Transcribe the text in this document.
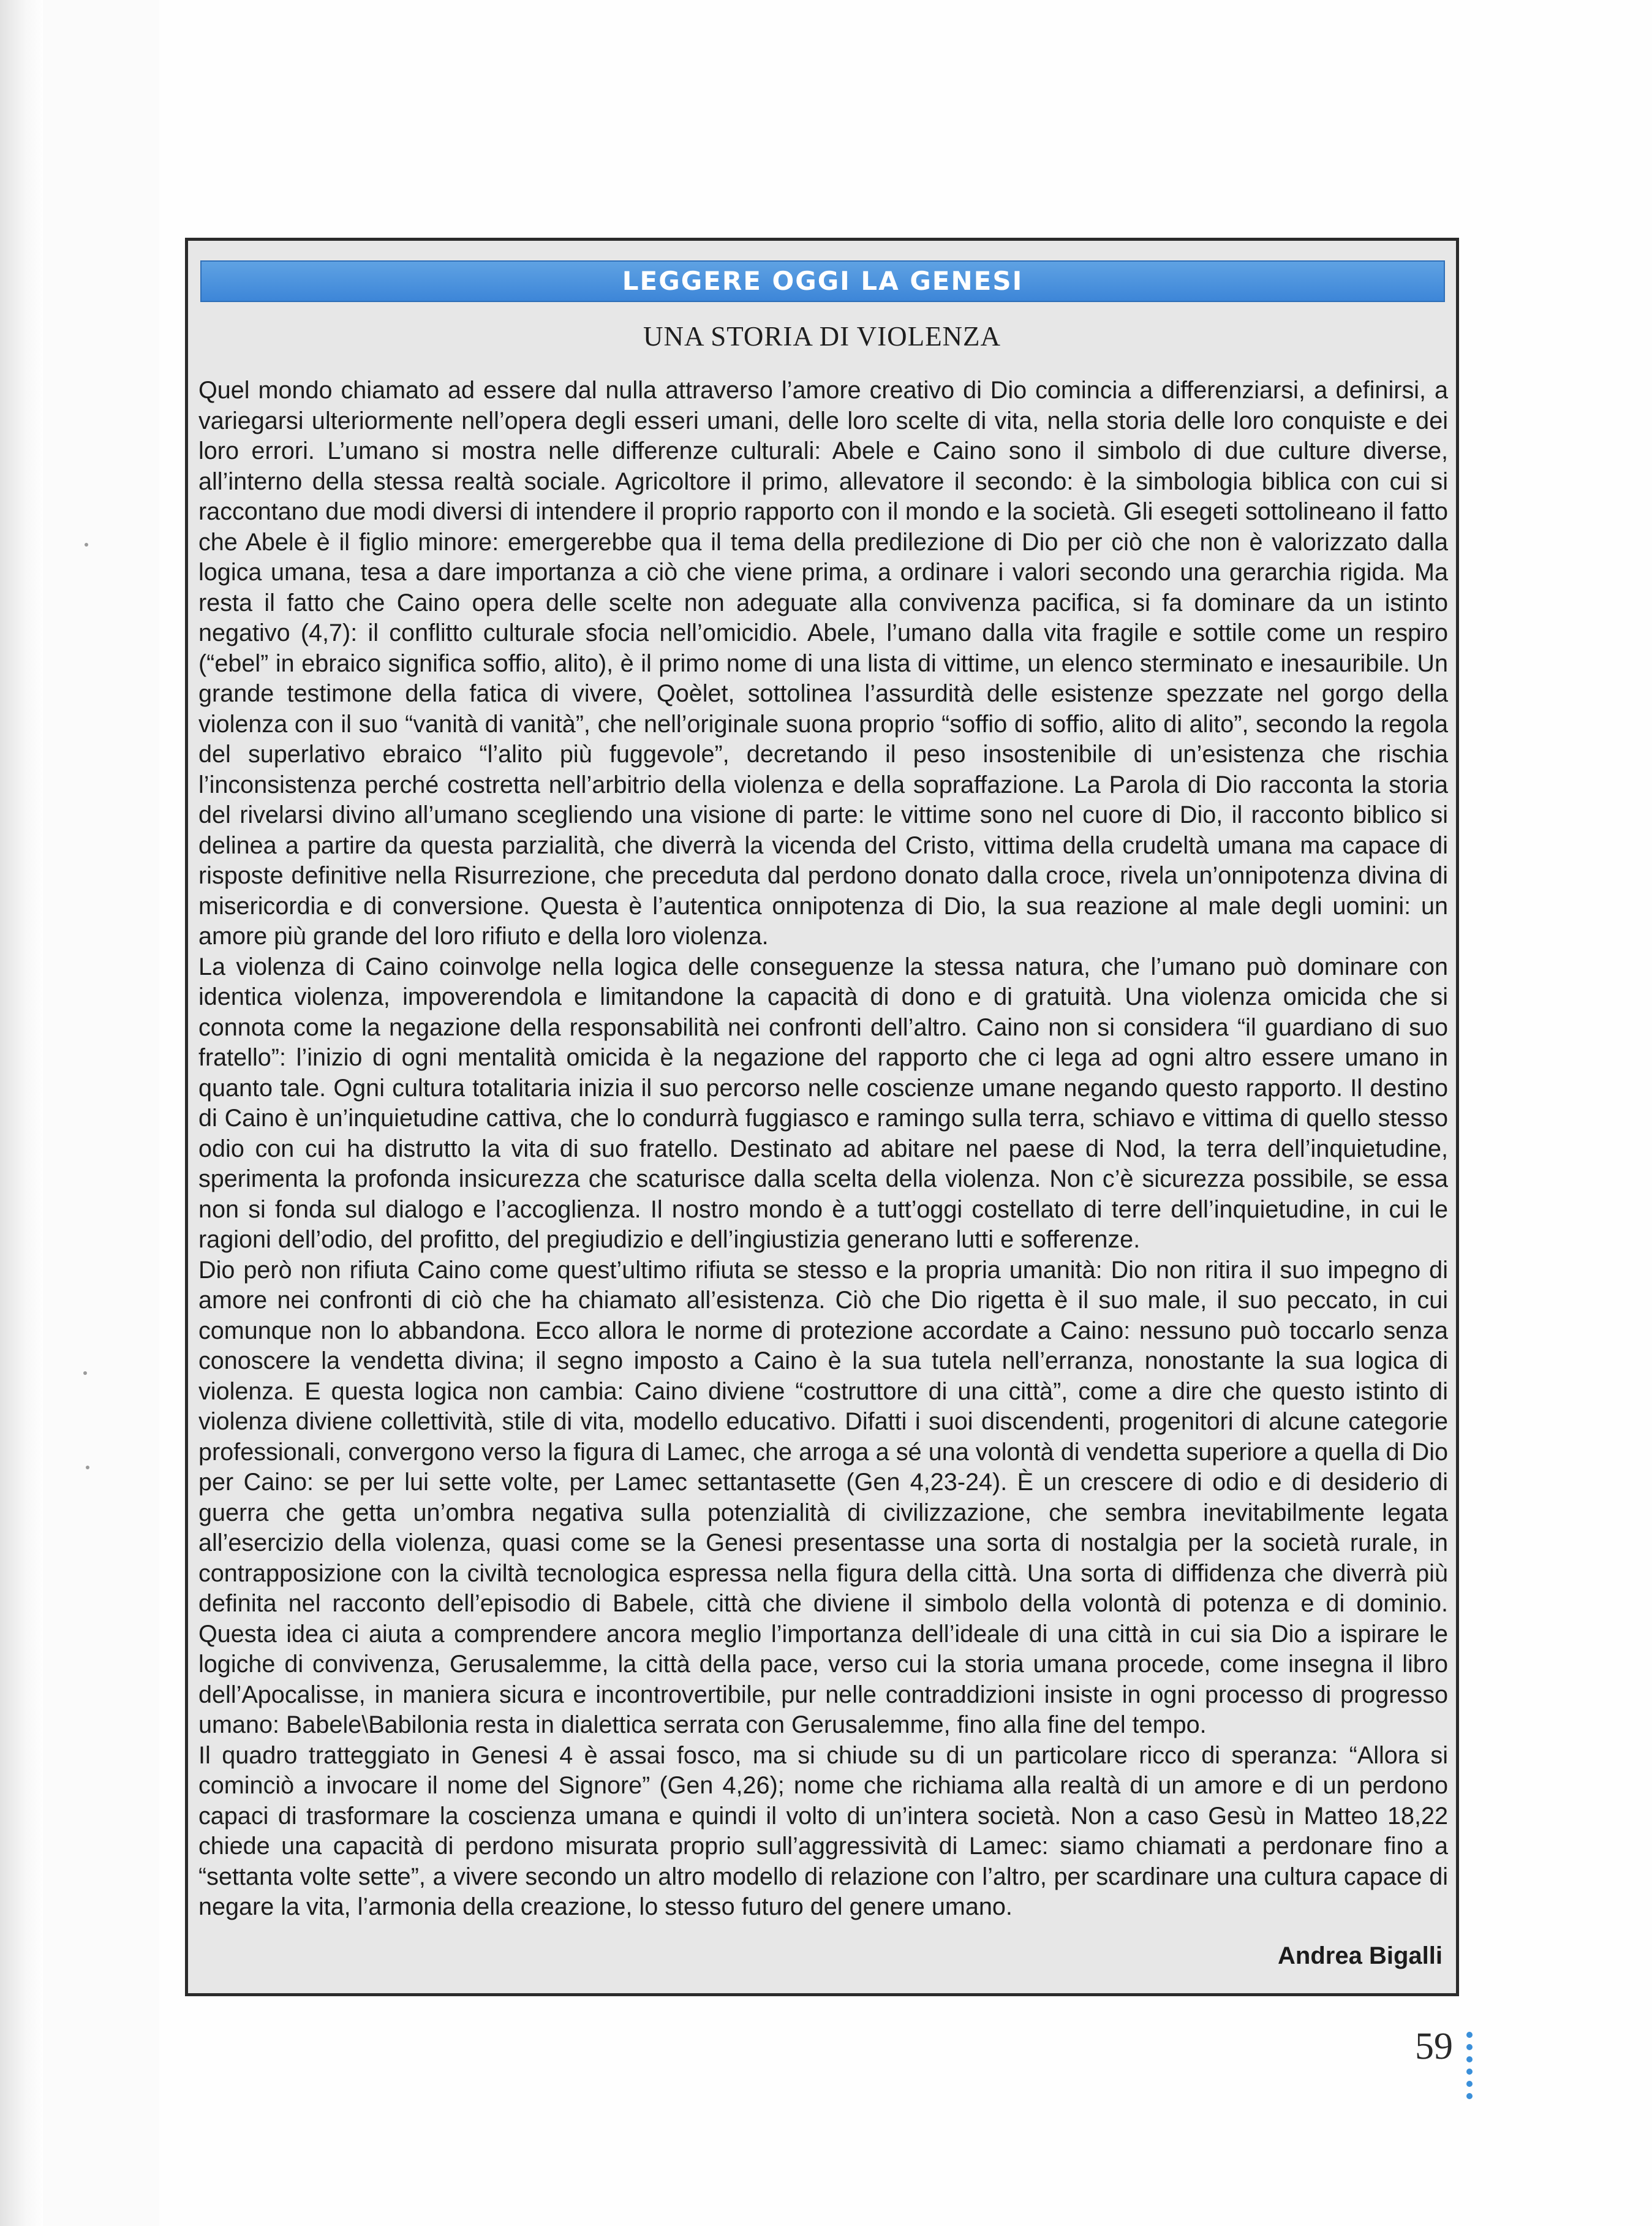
LEGGERE OGGI LA GENESI
UNA STORIA DI VIOLENZA

Quel mondo chiamato ad essere dal nulla attraverso l’amore creativo di Dio comincia a differenziarsi, a definirsi, a variegarsi ulteriormente nell’opera degli esseri umani, delle loro scelte di vita, nella storia delle loro conquiste e dei loro errori. L’umano si mostra nelle differenze culturali: Abele e Caino sono il simbolo di due culture diverse, all’interno della stessa realtà sociale. Agricoltore il primo, allevatore il secondo: è la simbologia biblica con cui si raccontano due modi diversi di intendere il proprio rapporto con il mondo e la società. Gli esegeti sottolineano il fatto che Abele è il figlio minore: emergerebbe qua il tema della predilezione di Dio per ciò che non è valorizzato dalla logica umana, tesa a dare importanza a ciò che viene prima, a ordinare i valori secondo una gerarchia rigida. Ma resta il fatto che Caino opera delle scelte non adeguate alla convivenza pacifica, si fa dominare da un istinto negativo (4,7): il conflitto culturale sfocia nell’omicidio. Abele, l’umano dalla vita fragile e sottile come un respiro (“ebel” in ebraico significa soffio, alito), è il primo nome di una lista di vittime, un elenco sterminato e inesauribile. Un grande testimone della fatica di vivere, Qoèlet, sottolinea l’assurdità delle esistenze spezzate nel gorgo della violenza con il suo “vanità di vanità”, che nell’originale suona proprio “soffio di soffio, alito di alito”, secondo la regola del superlativo ebraico “l’alito più fuggevole”, decretando il peso insostenibile di un’esistenza che rischia l’inconsistenza perché costretta nell’arbitrio della violenza e della sopraffazione. La Parola di Dio racconta la storia del rivelarsi divino all’umano scegliendo una visione di parte: le vittime sono nel cuore di Dio, il racconto biblico si delinea a partire da questa parzialità, che diverrà la vicenda del Cristo, vittima della crudeltà umana ma capace di risposte definitive nella Risurrezione, che preceduta dal perdono donato dalla croce, rivela un’onnipotenza divina di misericordia e di conversione. Questa è l’autentica onnipotenza di Dio, la sua reazione al male degli uomini: un amore più grande del loro rifiuto e della loro violenza.

La violenza di Caino coinvolge nella logica delle conseguenze la stessa natura, che l’umano può dominare con identica violenza, impoverendola e limitandone la capacità di dono e di gratuità. Una violenza omicida che si connota come la negazione della responsabilità nei confronti dell’altro. Caino non si considera “il guardiano di suo fratello”: l’inizio di ogni mentalità omicida è la negazione del rapporto che ci lega ad ogni altro essere umano in quanto tale. Ogni cultura totalitaria inizia il suo percorso nelle coscienze umane negando questo rapporto. Il destino di Caino è un’inquietudine cattiva, che lo condurrà fuggiasco e ramingo sulla terra, schiavo e vittima di quello stesso odio con cui ha distrutto la vita di suo fratello. Destinato ad abitare nel paese di Nod, la terra dell’inquietudine, sperimenta la profonda insicurezza che scaturisce dalla scelta della violenza. Non c’è sicurezza possibile, se essa non si fonda sul dialogo e l’accoglienza. Il nostro mondo è a tutt’oggi costellato di terre dell’inquietudine, in cui le ragioni dell’odio, del profitto, del pregiudizio e dell’ingiustizia generano lutti e sofferenze.

Dio però non rifiuta Caino come quest’ultimo rifiuta se stesso e la propria umanità: Dio non ritira il suo impegno di amore nei confronti di ciò che ha chiamato all’esistenza. Ciò che Dio rigetta è il suo male, il suo peccato, in cui comunque non lo abbandona. Ecco allora le norme di protezione accordate a Caino: nessuno può toccarlo senza conoscere la vendetta divina; il segno imposto a Caino è la sua tutela nell’erranza, nonostante la sua logica di violenza. E questa logica non cambia: Caino diviene “costruttore di una città”, come a dire che questo istinto di violenza diviene collettività, stile di vita, modello educativo. Difatti i suoi discendenti, progenitori di alcune categorie professionali, convergono verso la figura di Lamec, che arroga a sé una volontà di vendetta superiore a quella di Dio per Caino: se per lui sette volte, per Lamec settantasette (Gen 4,23-24). È un crescere di odio e di desiderio di guerra che getta un’ombra negativa sulla potenzialità di civilizzazione, che sembra inevitabilmente legata all’esercizio della violenza, quasi come se la Genesi presentasse una sorta di nostalgia per la società rurale, in contrapposizione con la civiltà tecnologica espressa nella figura della città. Una sorta di diffidenza che diverrà più definita nel racconto dell’episodio di Babele, città che diviene il simbolo della volontà di potenza e di dominio. Questa idea ci aiuta a comprendere ancora meglio l’importanza dell’ideale di una città in cui sia Dio a ispirare le logiche di convivenza, Gerusalemme, la città della pace, verso cui la storia umana procede, come insegna il libro dell’Apocalisse, in maniera sicura e incontrovertibile, pur nelle contraddizioni insiste in ogni processo di progresso umano: Babele\Babilonia resta in dialettica serrata con Gerusalemme, fino alla fine del tempo.

Il quadro tratteggiato in Genesi 4 è assai fosco, ma si chiude su di un particolare ricco di speranza: “Allora si cominciò a invocare il nome del Signore” (Gen 4,26); nome che richiama alla realtà di un amore e di un perdono capaci di trasformare la coscienza umana e quindi il volto di un’intera società. Non a caso Gesù in Matteo 18,22 chiede una capacità di perdono misurata proprio sull’aggressività di Lamec: siamo chiamati a perdonare fino a “settanta volte sette”, a vivere secondo un altro modello di relazione con l’altro, per scardinare una cultura capace di negare la vita, l’armonia della creazione, lo stesso futuro del genere umano.

Andrea Bigalli
59
